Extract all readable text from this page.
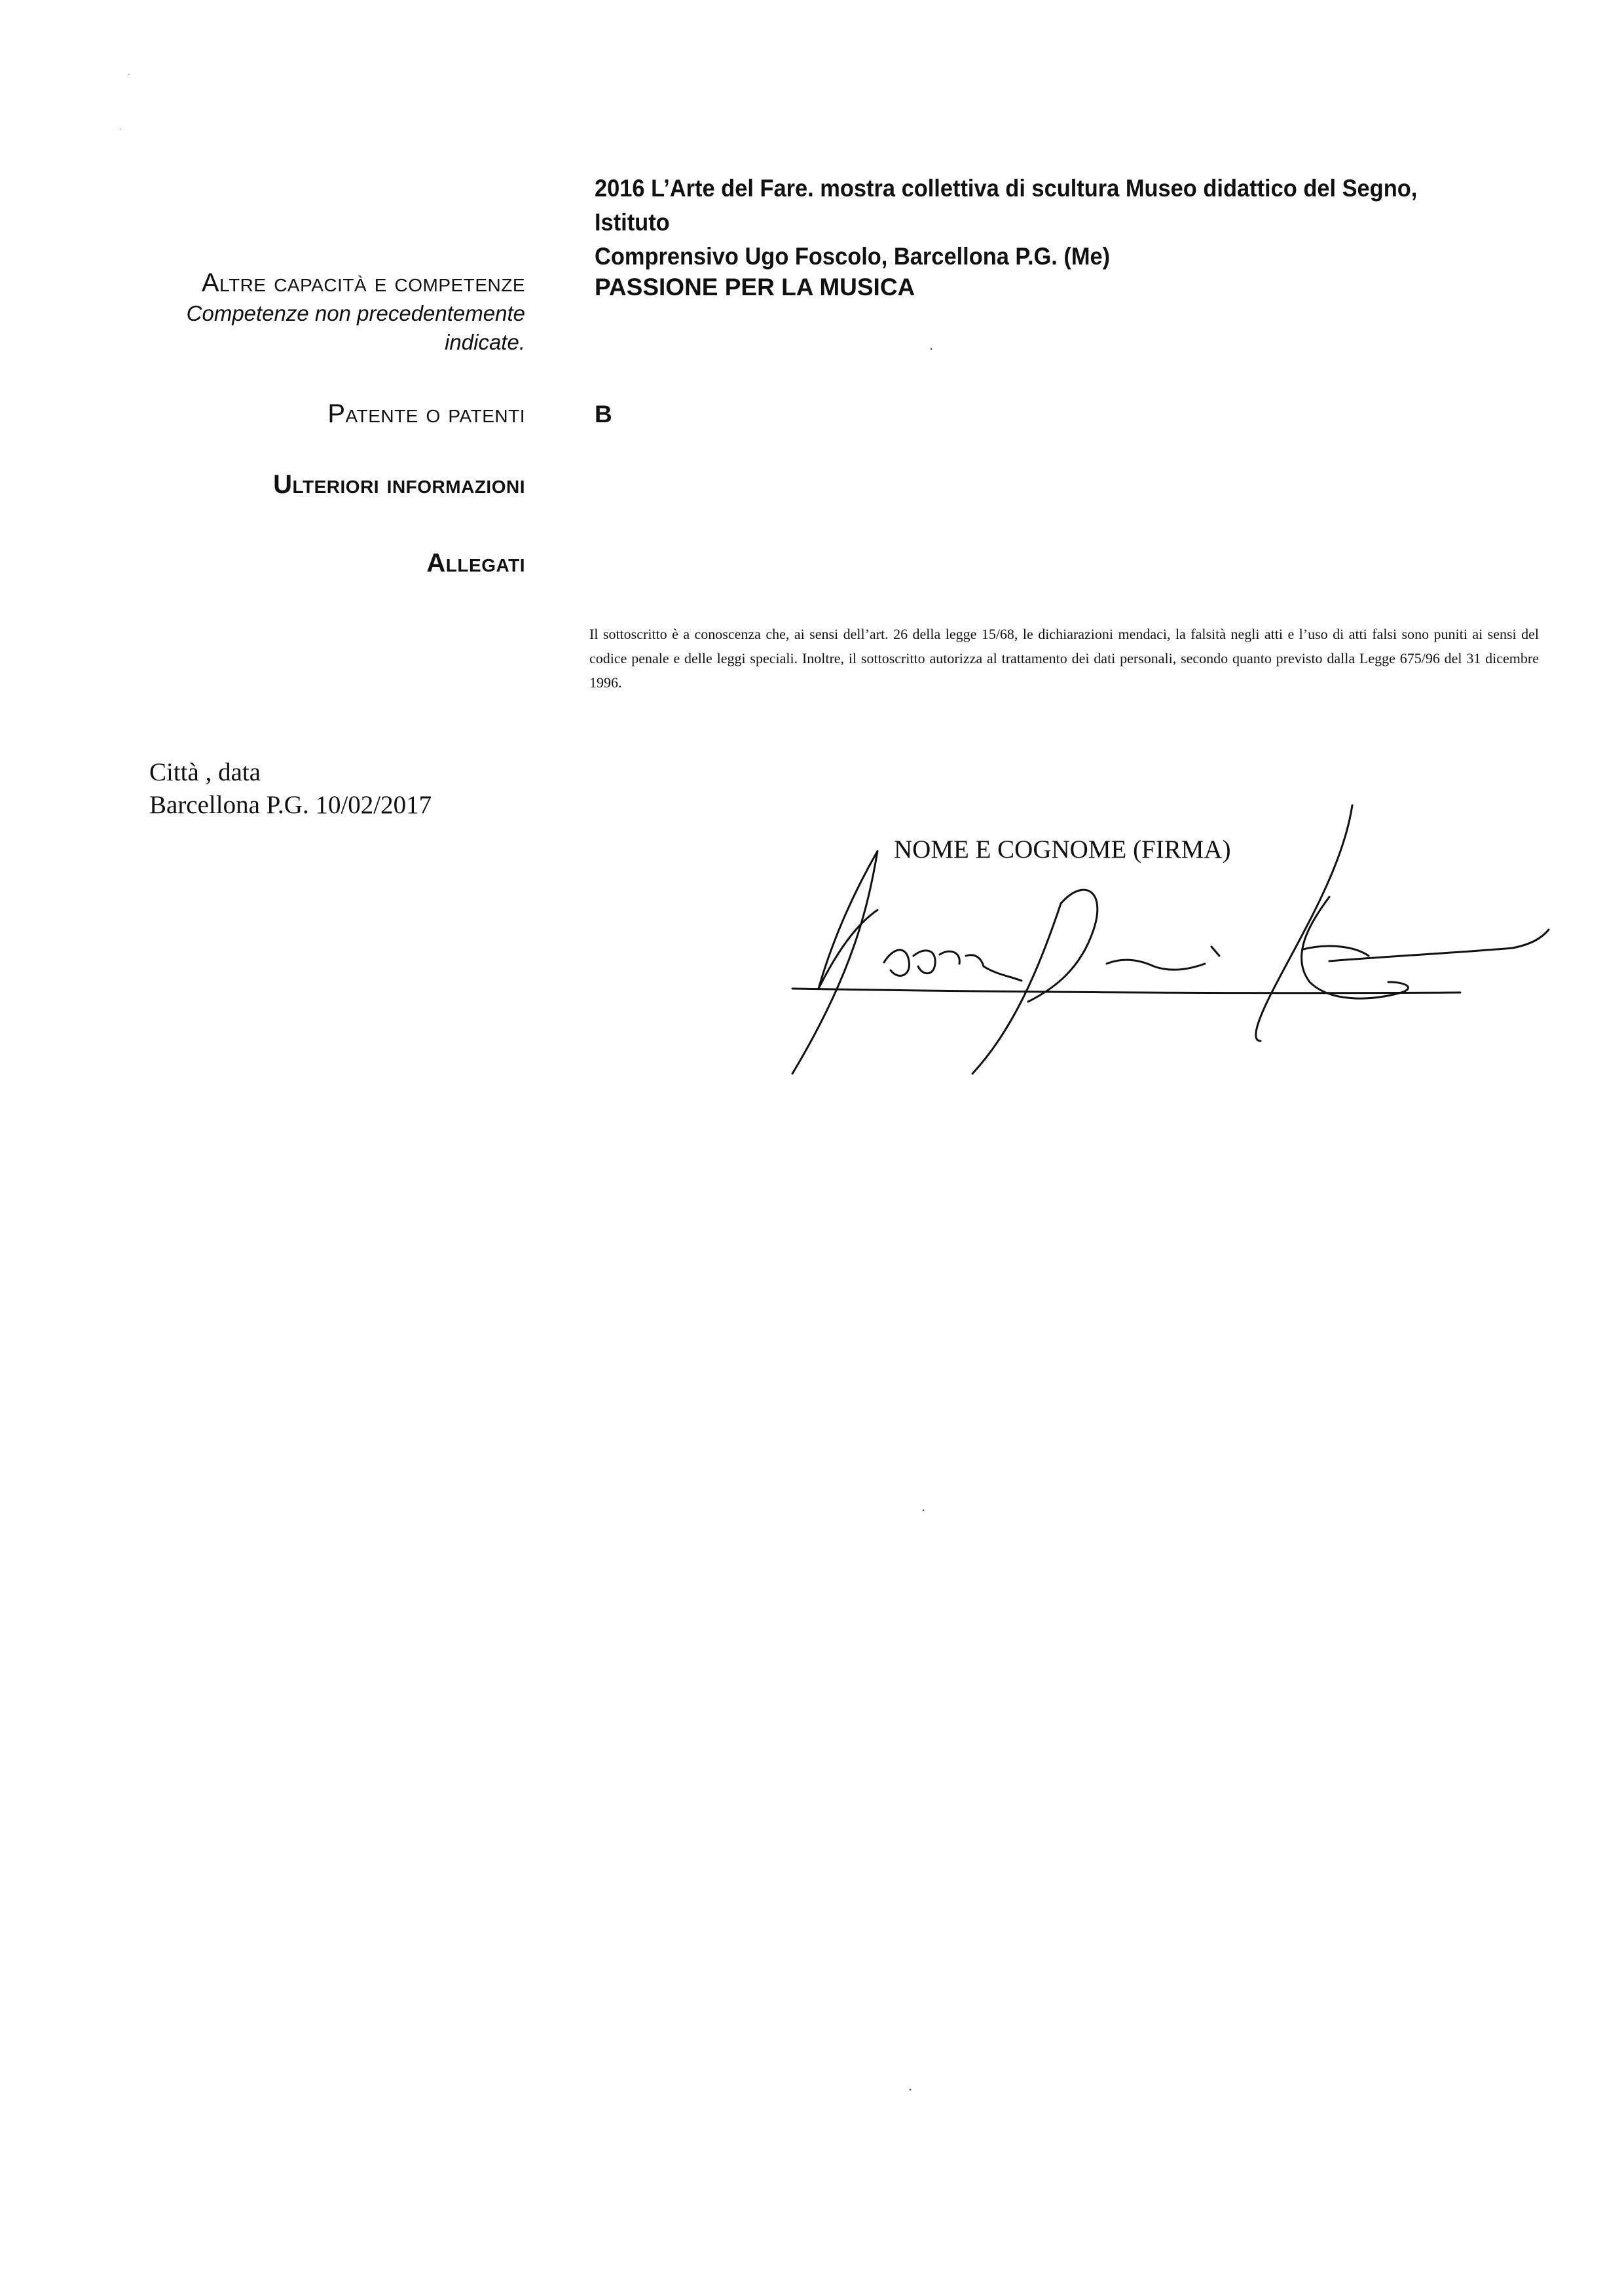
2016 L’Arte del Fare. mostra collettiva di scultura Museo didattico del Segno, Istituto
Comprensivo Ugo Foscolo, Barcellona P.G. (Me)
Altre capacità e competenze
Competenze non precedentemente
indicate.
PASSIONE PER LA MUSICA
Patente o patenti	B
Ulteriori informazioni
Allegati
Il sottoscritto è a conoscenza che, ai sensi dell’art. 26 della legge 15/68, le dichiarazioni mendaci, la falsità negli atti e l’uso di atti falsi sono puniti ai sensi del codice penale e delle leggi speciali. Inoltre, il sottoscritto autorizza al trattamento dei dati personali, secondo quanto previsto dalla Legge 675/96 del 31 dicembre 1996.
Città , data
Barcellona P.G. 10/02/2017
NOME E COGNOME (FIRMA)
ˋ
·
•
•
•
